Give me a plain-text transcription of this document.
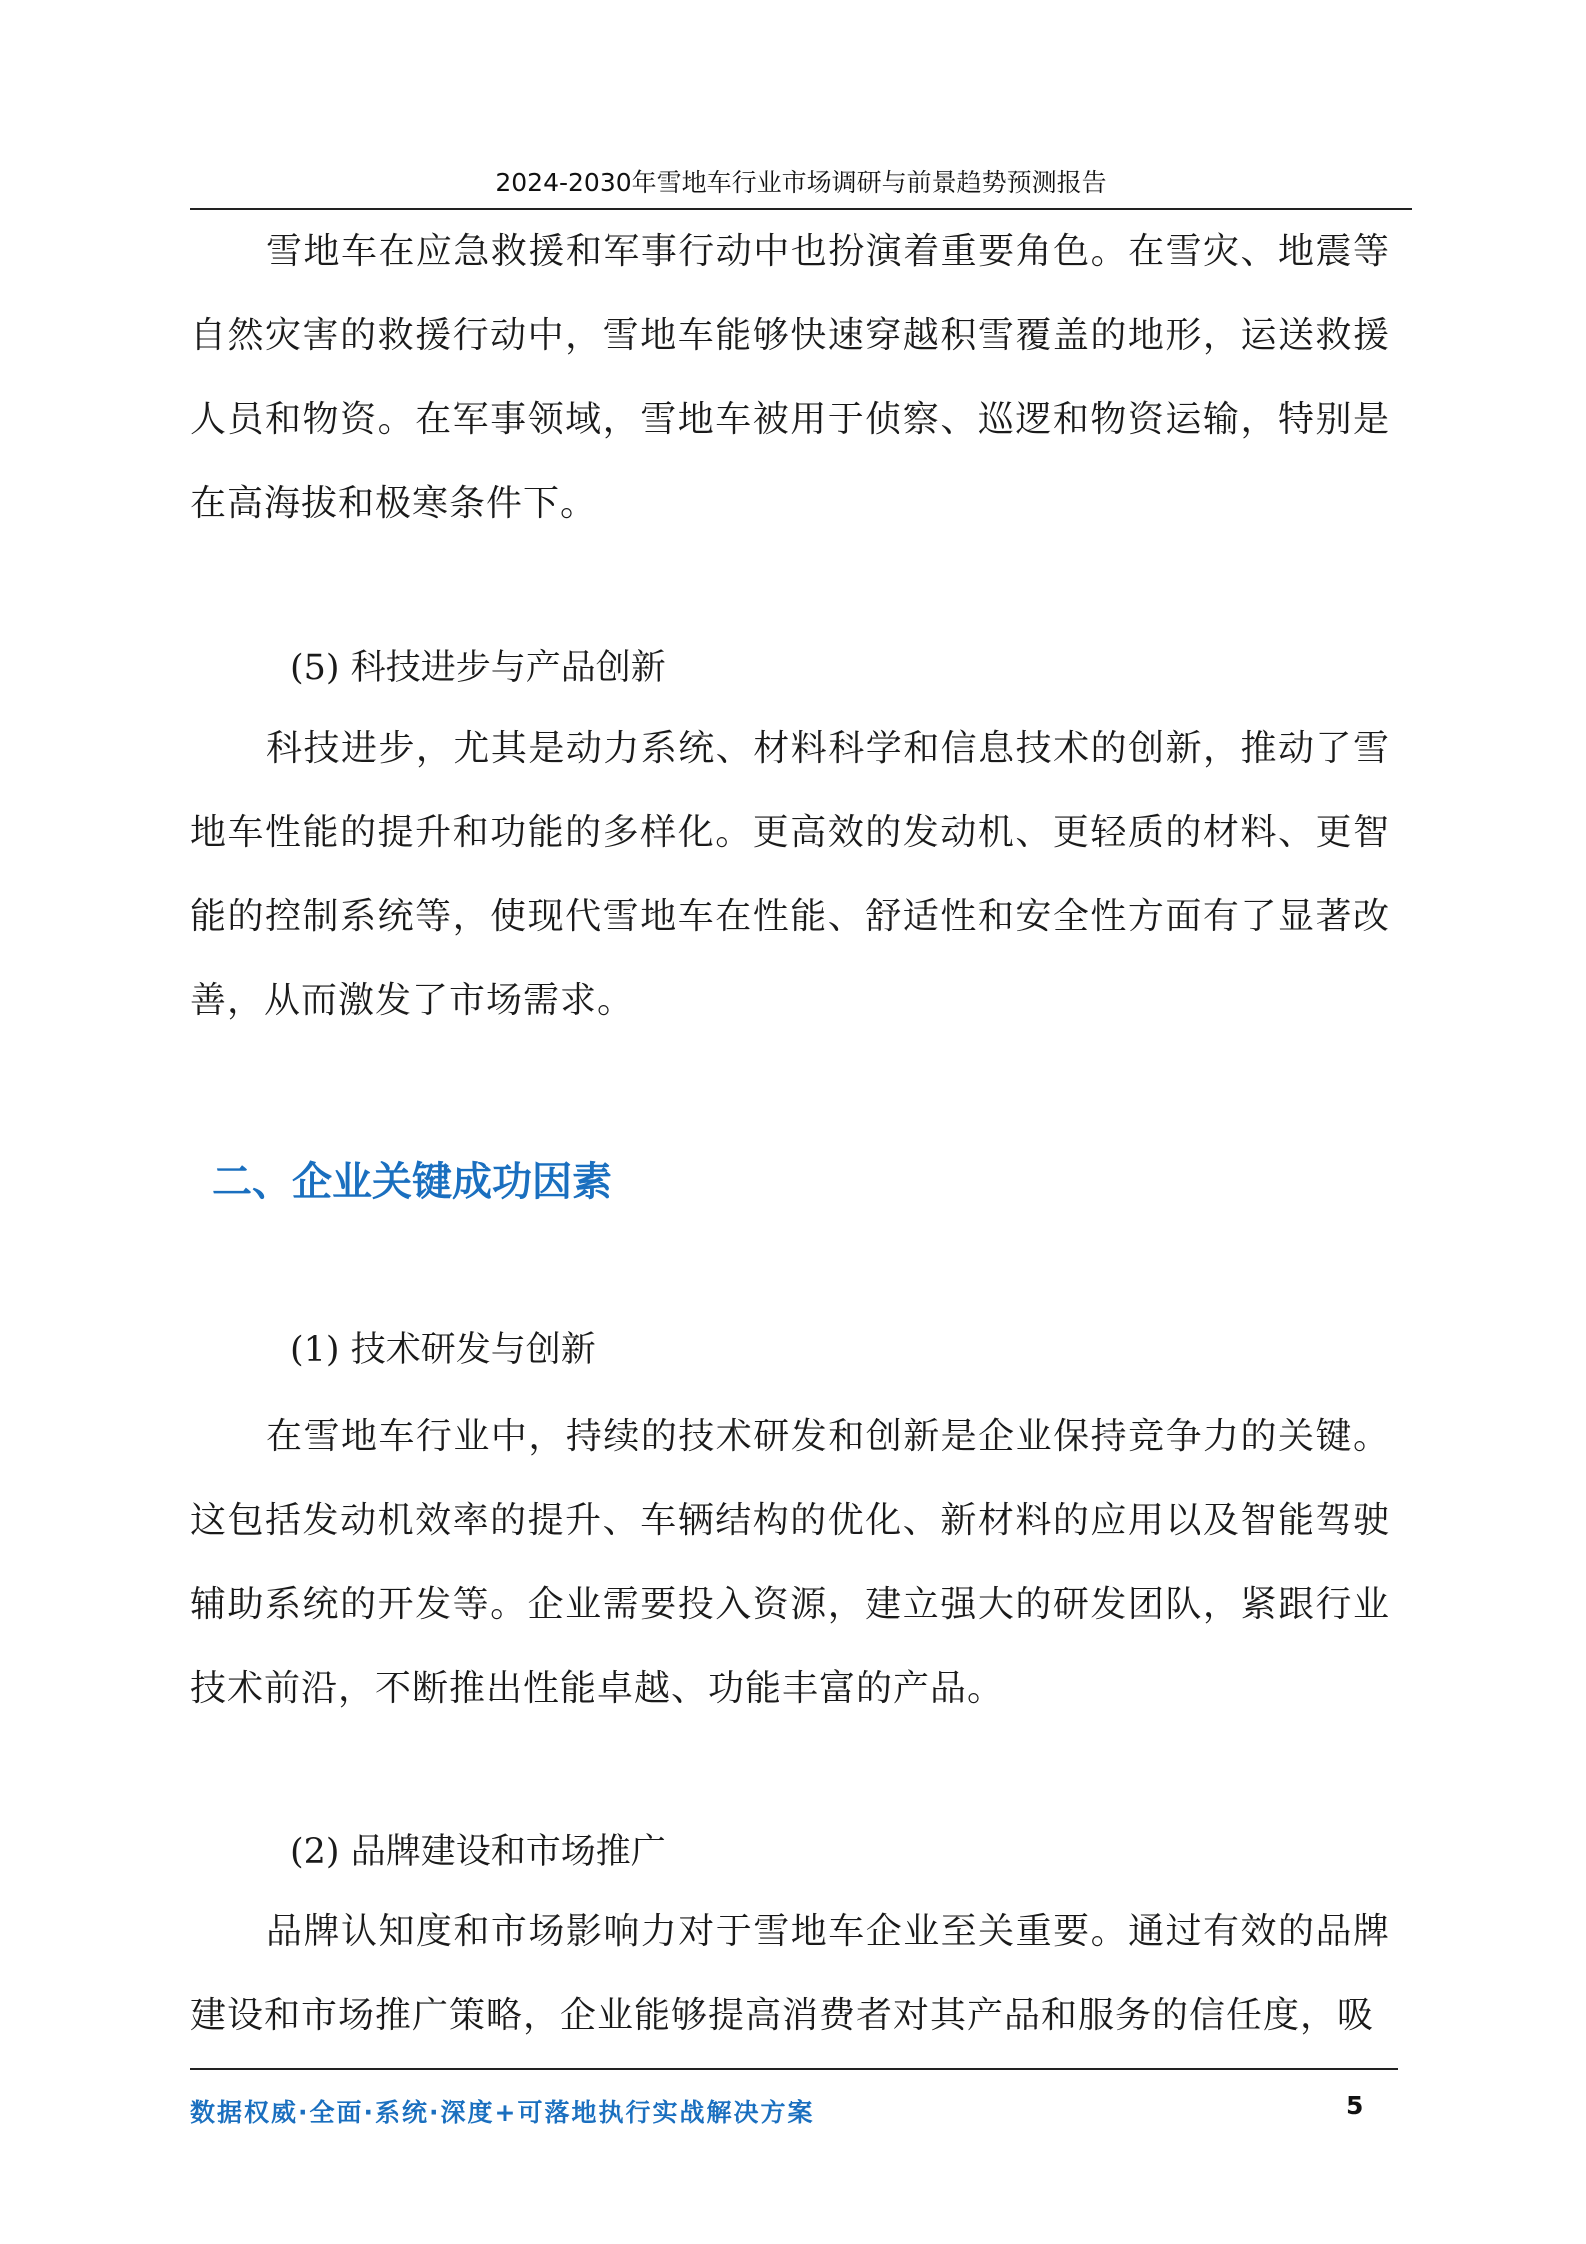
2024-2030年雪地车行业市场调研与前景趋势预测报告

雪地车在应急救援和军事行动中也扮演着重要角色。在雪灾、地震等自然灾害的救援行动中，雪地车能够快速穿越积雪覆盖的地形，运送救援人员和物资。在军事领域，雪地车被用于侦察、巡逻和物资运输，特别是在高海拔和极寒条件下。

(5) 科技进步与产品创新

科技进步，尤其是动力系统、材料科学和信息技术的创新，推动了雪地车性能的提升和功能的多样化。更高效的发动机、更轻质的材料、更智能的控制系统等，使现代雪地车在性能、舒适性和安全性方面有了显著改善，从而激发了市场需求。

二、企业关键成功因素

(1) 技术研发与创新

在雪地车行业中，持续的技术研发和创新是企业保持竞争力的关键。这包括发动机效率的提升、车辆结构的优化、新材料的应用以及智能驾驶辅助系统的开发等。企业需要投入资源，建立强大的研发团队，紧跟行业技术前沿，不断推出性能卓越、功能丰富的产品。

(2) 品牌建设和市场推广

品牌认知度和市场影响力对于雪地车企业至关重要。通过有效的品牌建设和市场推广策略，企业能够提高消费者对其产品和服务的信任度，吸

数据权威·全面·系统·深度+可落地执行实战解决方案	5
